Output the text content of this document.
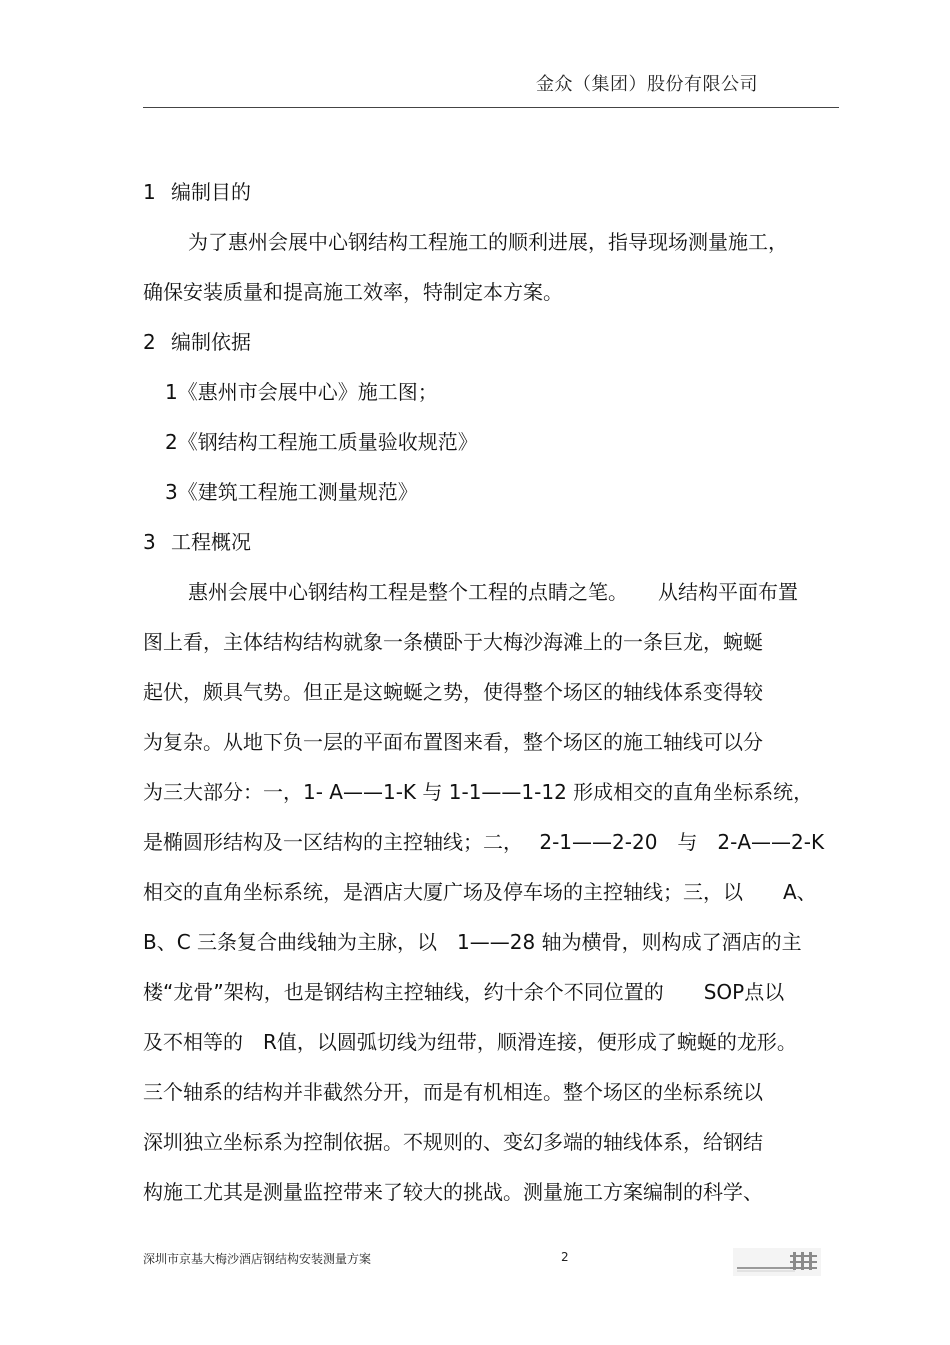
金众（集团）股份有限公司
1 编制目的
为了惠州会展中心钢结构工程施工的顺利进展，指导现场测量施工，
确保安装质量和提高施工效率，特制定本方案。
2 编制依据
1《惠州市会展中心》施工图；
2《钢结构工程施工质量验收规范》
3《建筑工程施工测量规范》
3 工程概况
惠州会展中心钢结构工程是整个工程的点睛之笔。　　从结构平面布置
图上看，主体结构结构就象一条横卧于大梅沙海滩上的一条巨龙，蜿蜒
起伏，颇具气势。但正是这蜿蜒之势，使得整个场区的轴线体系变得较
为复杂。从地下负一层的平面布置图来看，整个场区的施工轴线可以分
为三大部分：一，1- A——1-K 与 1-1——1-12 形成相交的直角坐标系统，
是椭圆形结构及一区结构的主控轴线；二，　 2-1——2-20　与　2-A——2-K
相交的直角坐标系统，是酒店大厦广场及停车场的主控轴线；三，以　　A、
B、C 三条复合曲线轴为主脉，以　1——28 轴为横骨，则构成了酒店的主
楼“龙骨”架构，也是钢结构主控轴线，约十余个不同位置的　　SOP点以
及不相等的　R值，以圆弧切线为纽带，顺滑连接，便形成了蜿蜒的龙形。
三个轴系的结构并非截然分开，而是有机相连。整个场区的坐标系统以
深圳独立坐标系为控制依据。不规则的、变幻多端的轴线体系，给钢结
构施工尤其是测量监控带来了较大的挑战。测量施工方案编制的科学、
深圳市京基大梅沙酒店钢结构安装测量方案	2
